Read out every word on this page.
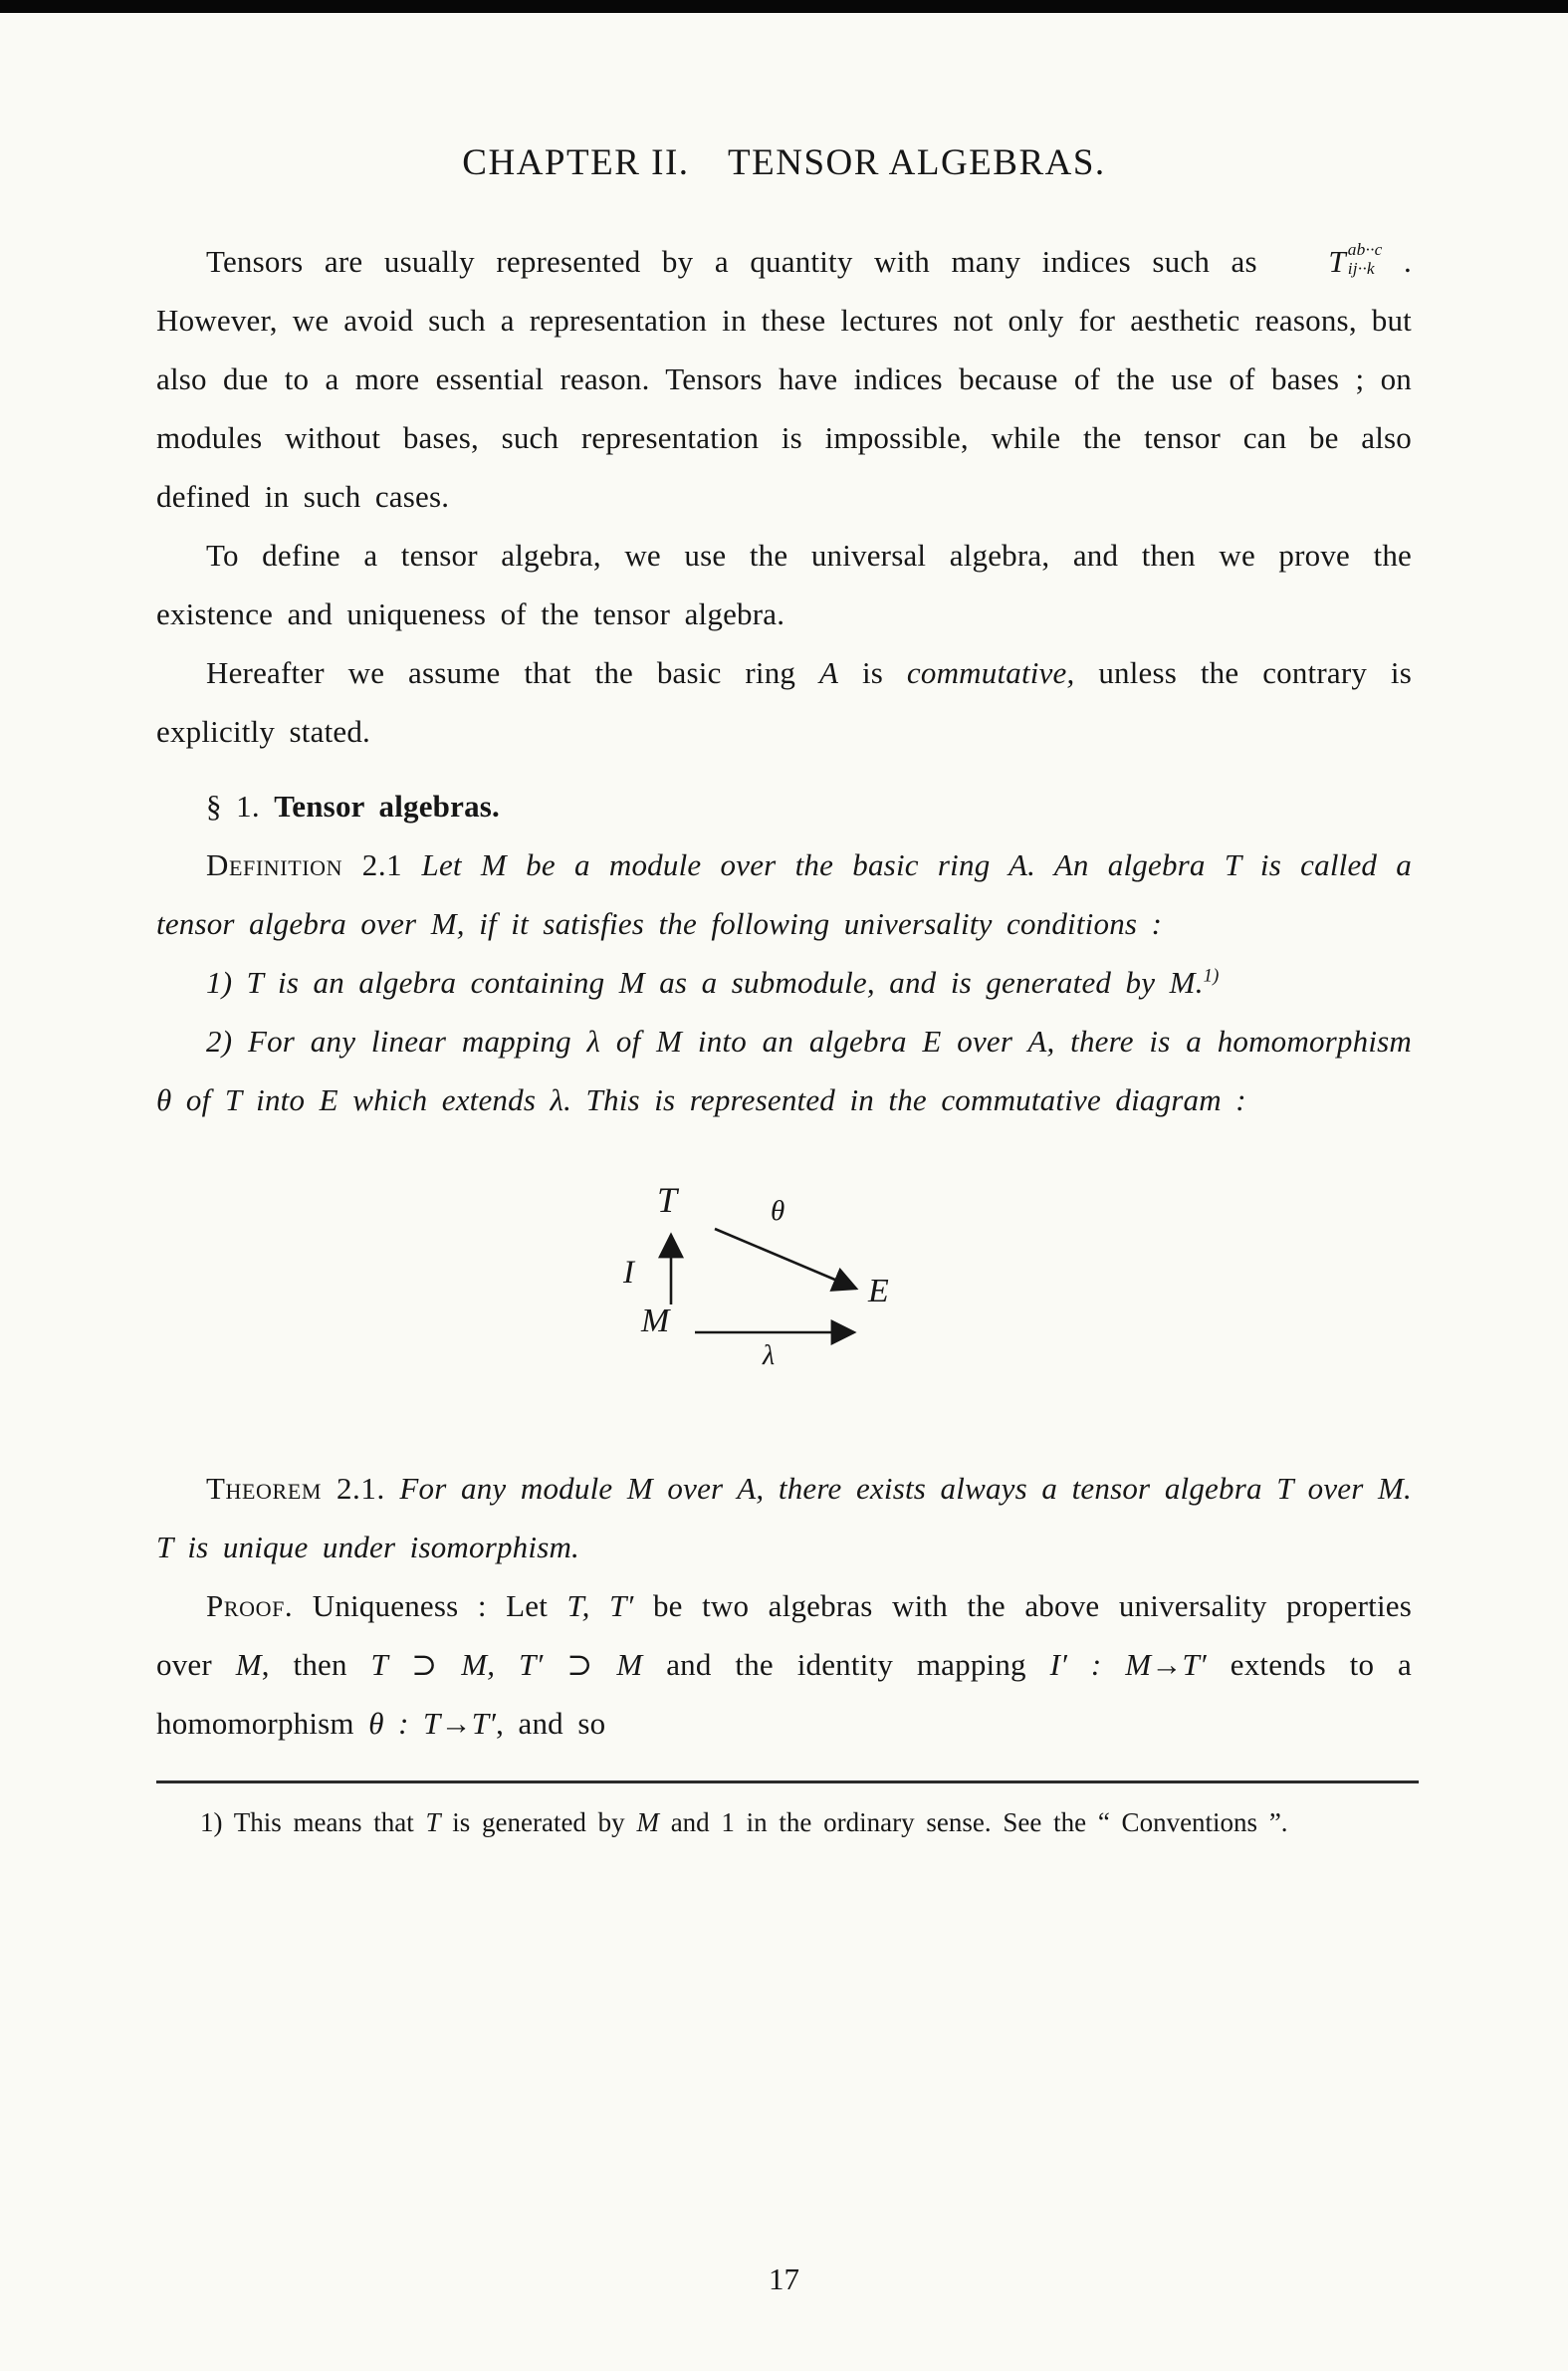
CHAPTER II. TENSOR ALGEBRAS.

Tensors are usually represented by a quantity with many indices such as	T ab··c
ij··k . However, we avoid such a representation in these lectures not only for aesthetic reasons, but also due to a more essential reason. Tensors have indices because of the use of bases ; on modules without bases, such representation is impossible, while the tensor can be also defined in such cases.

To define a tensor algebra, we use the universal algebra, and then we prove the existence and uniqueness of the tensor algebra.

Hereafter we assume that the basic ring A is commutative, unless the contrary is explicitly stated.

§ 1. Tensor algebras.

Definition 2.1 Let M be a module over the basic ring A. An algebra T is called a tensor algebra over M, if it satisfies the following universality conditions :

1) T is an algebra containing M as a submodule, and is generated by M.$^{1)}$

2) For any linear mapping λ of M into an algebra E over A, there is a homomorphism θ of T into E which extends λ. This is represented in the commutative diagram :

T	θ
I
M
E
λ

Theorem 2.1. For any module M over A, there exists always a tensor algebra T over M. T is unique under isomorphism.

Proof. Uniqueness : Let T, T′ be two algebras with the above universality properties over M, then T ⊃ M, T′ ⊃ M and the identity mapping I′ : M→T′ extends to a homomorphism θ : T→T′, and so

1) This means that T is generated by M and 1 in the ordinary sense. See the “ Conventions ”.

17
